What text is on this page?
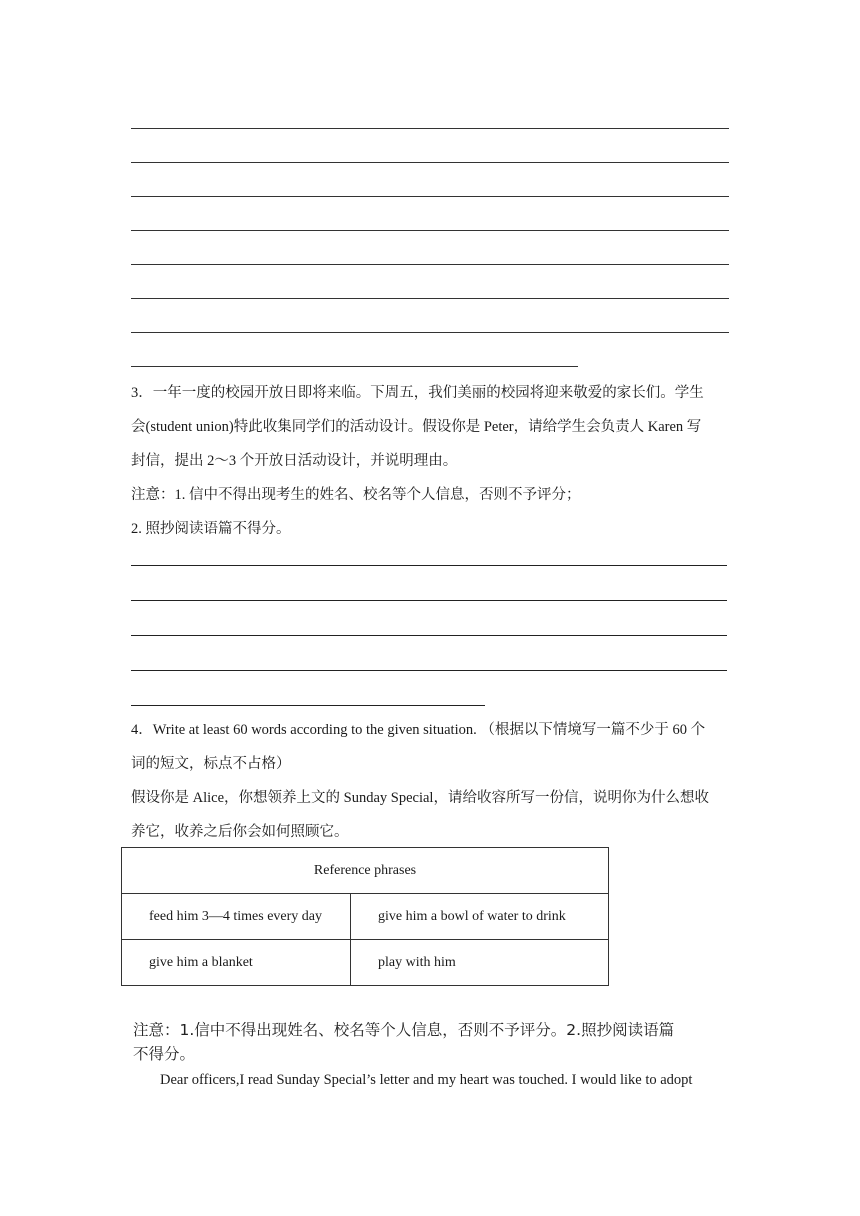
3．一年一度的校园开放日即将来临。下周五，我们美丽的校园将迎来敬爱的家长们。学生
会(student union)特此收集同学们的活动设计。假设你是 Peter，请给学生会负责人 Karen 写
封信，提出 2～3 个开放日活动设计，并说明理由。
注意：1. 信中不得出现考生的姓名、校名等个人信息，否则不予评分；
2. 照抄阅读语篇不得分。
4．Write at least 60 words according to the given situation. （根据以下情境写一篇不少于 60 个
词的短文，标点不占格）
假设你是 Alice，你想领养上文的 Sunday Special，请给收容所写一份信，说明你为什么想收
养它，收养之后你会如何照顾它。
Reference phrases	
feed him 3—4 times every day	give him a bowl of water to drink
give him a blanket	play with him
注意：1.信中不得出现姓名、校名等个人信息，否则不予评分。2.照抄阅读语篇
不得分。
Dear officers,I read Sunday Special’s letter and my heart was touched. I would like to adopt
